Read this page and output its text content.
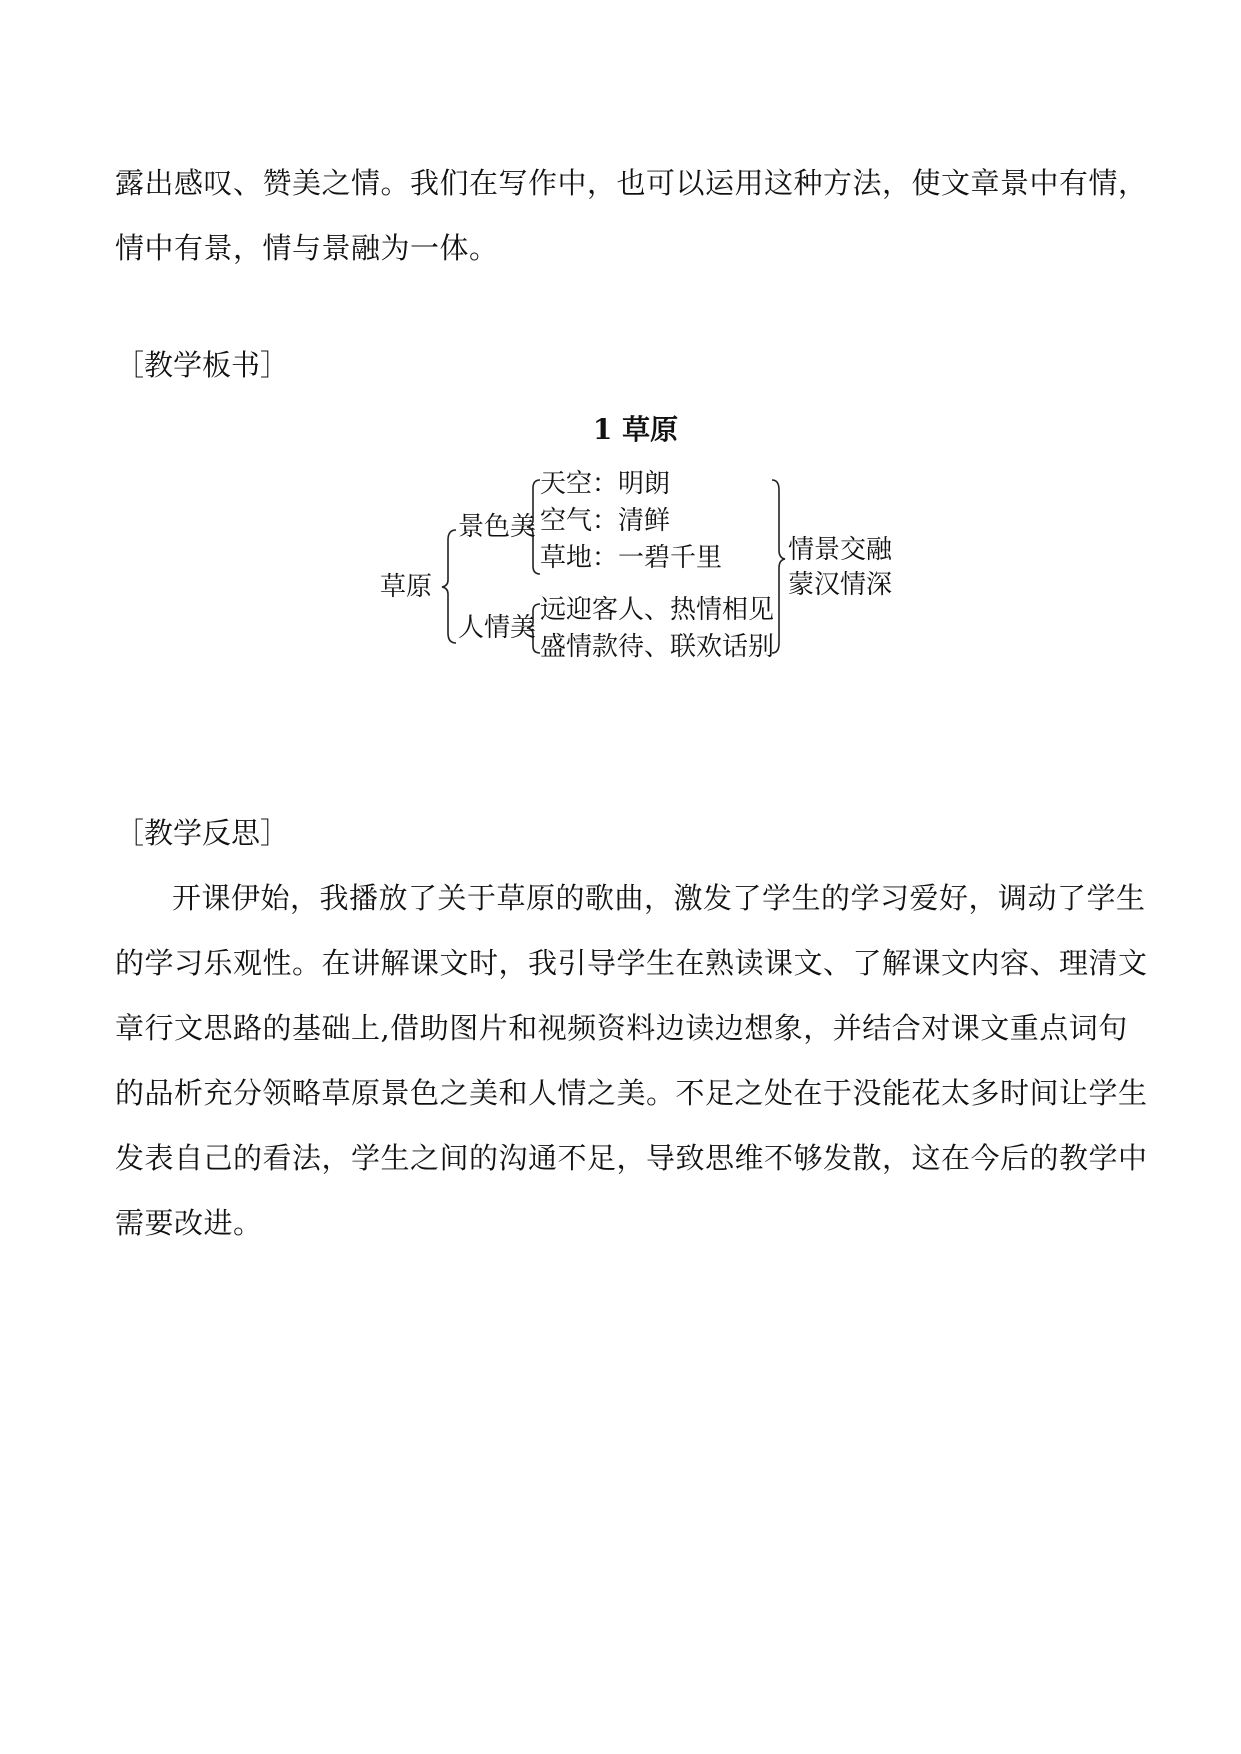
露出感叹、赞美之情。我们在写作中，也可以运用这种方法，使文章景中有情，
情中有景，情与景融为一体。
［教学板书］
1 草原
草原
景色美
人情美
天空：明朗
空气：清鲜
草地：一碧千里
远迎客人、热情相见
盛情款待、联欢话别
情景交融
蒙汉情深
［教学反思］
开课伊始，我播放了关于草原的歌曲，激发了学生的学习爱好，调动了学生
的学习乐观性。在讲解课文时，我引导学生在熟读课文、了解课文内容、理清文
章行文思路的基础上,借助图片和视频资料边读边想象，并结合对课文重点词句
的品析充分领略草原景色之美和人情之美。不足之处在于没能花太多时间让学生
发表自己的看法，学生之间的沟通不足，导致思维不够发散，这在今后的教学中
需要改进。
